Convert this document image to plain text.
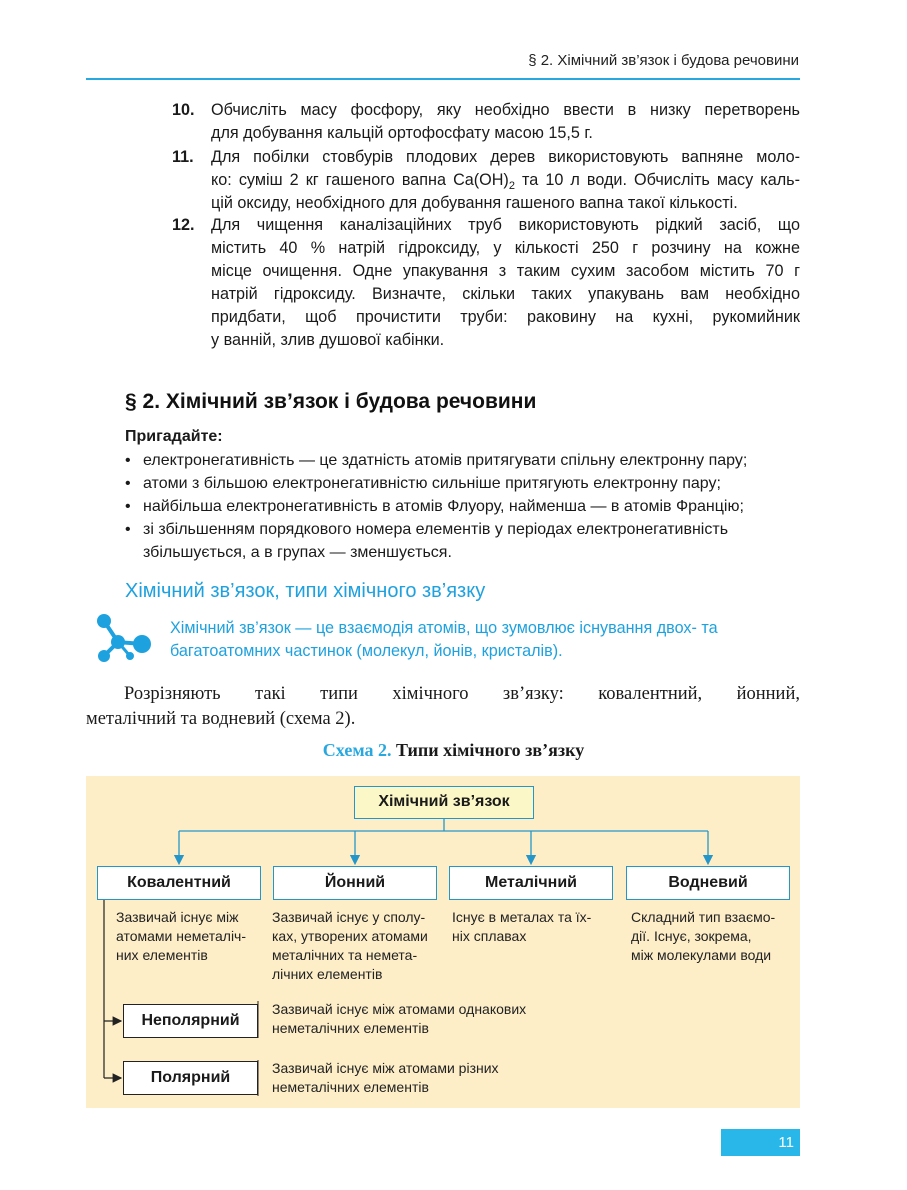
§ 2. Хімічний зв’язок і будова речовини
10. Обчисліть масу фосфору, яку необхідно ввести в низку перетворень
для добування кальцій ортофосфату масою 15,5 г.
11. Для побілки стовбурів плодових дерев використовують вапняне моло-
ко: суміш 2 кг гашеного вапна $Ca(OH)_2$ та 10 л води. Обчисліть масу каль-
цій оксиду, необхідного для добування гашеного вапна такої кількості.
12. Для чищення каналізаційних труб використовують рідкий засіб, що
містить 40 % натрій гідроксиду, у кількості 250 г розчину на кожне
місце очищення. Одне упакування з таким сухим засобом містить 70 г
натрій гідроксиду. Визначте, скільки таких упакувань вам необхідно
придбати, щоб прочистити труби: раковину на кухні, рукомийник
у ванній, злив душової кабінки.
§ 2. Хімічний зв’язок і будова речовини
Пригадайте:
• електронегативність — це здатність атомів притягувати спільну електронну пару;
• атоми з більшою електронегативністю сильніше притягують електронну пару;
• найбільша електронегативність в атомів Флуору, найменша — в атомів Францію;
• зі збільшенням порядкового номера елементів у періодах електронегативність збільшується, а в групах — зменшується.
Хімічний зв’язок, типи хімічного зв’язку
Хімічний зв’язок — це взаємодія атомів, що зумовлює існування двох- та багатоатомних частинок (молекул, йонів, кристалів).
Розрізняють такі типи хімічного зв’язку: ковалентний, йонний,
металічний та водневий (схема 2).
Схема 2. Типи хімічного зв’язку
Хімічний зв’язок
Ковалентний	Йонний	Металічний	Водневий
Зазвичай існує між
атомами неметаліч-
них елементів
Зазвичай існує у сполу-
ках, утворених атомами
металічних та немета-
лічних елементів
Існує в металах та їх-
ніх сплавах
Складний тип взаємо-
дії. Існує, зокрема,
між молекулами води
Неполярний
Полярний
Зазвичай існує між атомами однакових
неметалічних елементів
Зазвичай існує між атомами різних
неметалічних елементів
11
